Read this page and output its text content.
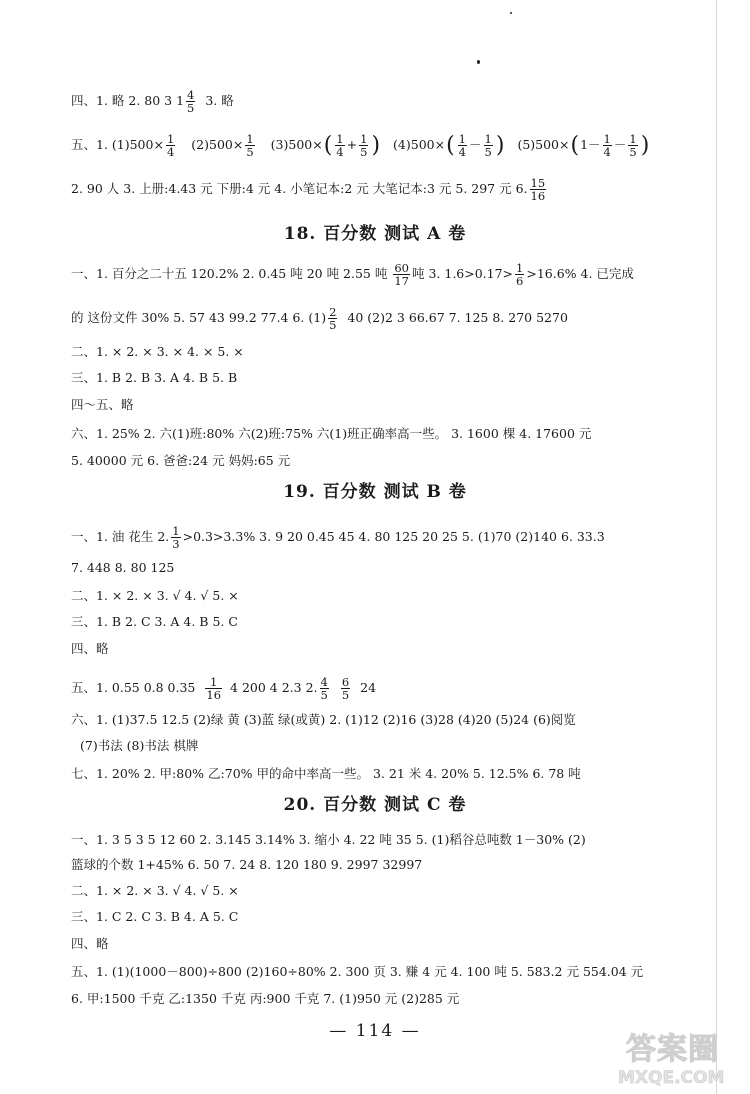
四、1. 略 2. 80 3 $1 \frac{4}{5} 3$. 略
五、1. $(1)500\times \frac{1}{4} (2)500\times \frac{1}{5} (3)500\times$ ( $\frac{1}{4} + \frac{1}{5}$ ) (4)500× ( $\frac{1}{4} - \frac{1}{5}$ ) (5)500× ( $1 - \frac{1}{4} - \frac{1}{5}$ )
2. 90 人 3. 上册:4.43 元 下册:4 元 4. 小笔记本:2 元 大笔记本:3 元 5. 297 元 6. $\frac{15}{16}$
18. 百分数 测试 A 卷
一、1. 百分之二十五 120.2% 2. 0.45 吨 20 吨 2.55 吨 $\frac{60}{17}$ 吨 3. $1.6>0.17> \frac{1}{6} >16.6\%$ 4. 已完成
的 这份文件 30% 5. 57 43 99.2 77.4 6. $(1) \frac{2}{5} 40$ (2)2 3 66.67 7. 125 8. 270 5270
二、1. × 2. × 3. × 4. × 5. ×
三、1. B 2. B 3. A 4. B 5. B
四～五、略
六、1. 25% 2. 六(1)班:80% 六(2)班:75% 六(1)班正确率高一些。 3. 1600 棵 4. 17600 元
5. 40000 元 6. 爸爸:24 元 妈妈:65 元
19. 百分数 测试 B 卷
一、1. 油 花生 2. $\frac{1}{3} >0.3>3.3\%$ 3. 9 20 0.45 45 4. 80 125 20 25 5. (1)70 (2)140 6. 33.3
7. 448 8. 80 125
二、1. × 2. × 3. √ 4. √ 5. ×
三、1. B 2. C 3. A 4. B 5. C
四、略
五、1. 0.55 0.8 $0.35 \frac{1}{16} 4$ 200 4 2.3 2. $\frac{4}{5} \frac{6}{5} 24$
六、1. (1)37.5 12.5 (2)绿 黄 (3)蓝 绿(或黄) 2. (1)12 (2)16 (3)28 (4)20 (5)24 (6)阅览
(7)书法 (8)书法 棋牌
七、1. 20% 2. 甲:80% 乙:70% 甲的命中率高一些。 3. 21 米 4. 20% 5. 12.5% 6. 78 吨
20. 百分数 测试 C 卷
一、1. 3 5 3 5 12 60 2. 3.145 3.14% 3. 缩小 4. 22 吨 35 5. (1)稻谷总吨数 1－30% (2)
篮球的个数 1+45% 6. 50 7. 24 8. 120 180 9. 2997 32997
二、1. × 2. × 3. √ 4. √ 5. ×
三、1. C 2. C 3. B 4. A 5. C
四、略
五、1. (1)(1000－800)÷800 (2)160÷80% 2. 300 页 3. 赚 4 元 4. 100 吨 5. 583.2 元 554.04 元
6. 甲:1500 千克 乙:1350 千克 丙:900 千克 7. (1)950 元 (2)285 元
— 114 —
答案圈
MXQE.COM
